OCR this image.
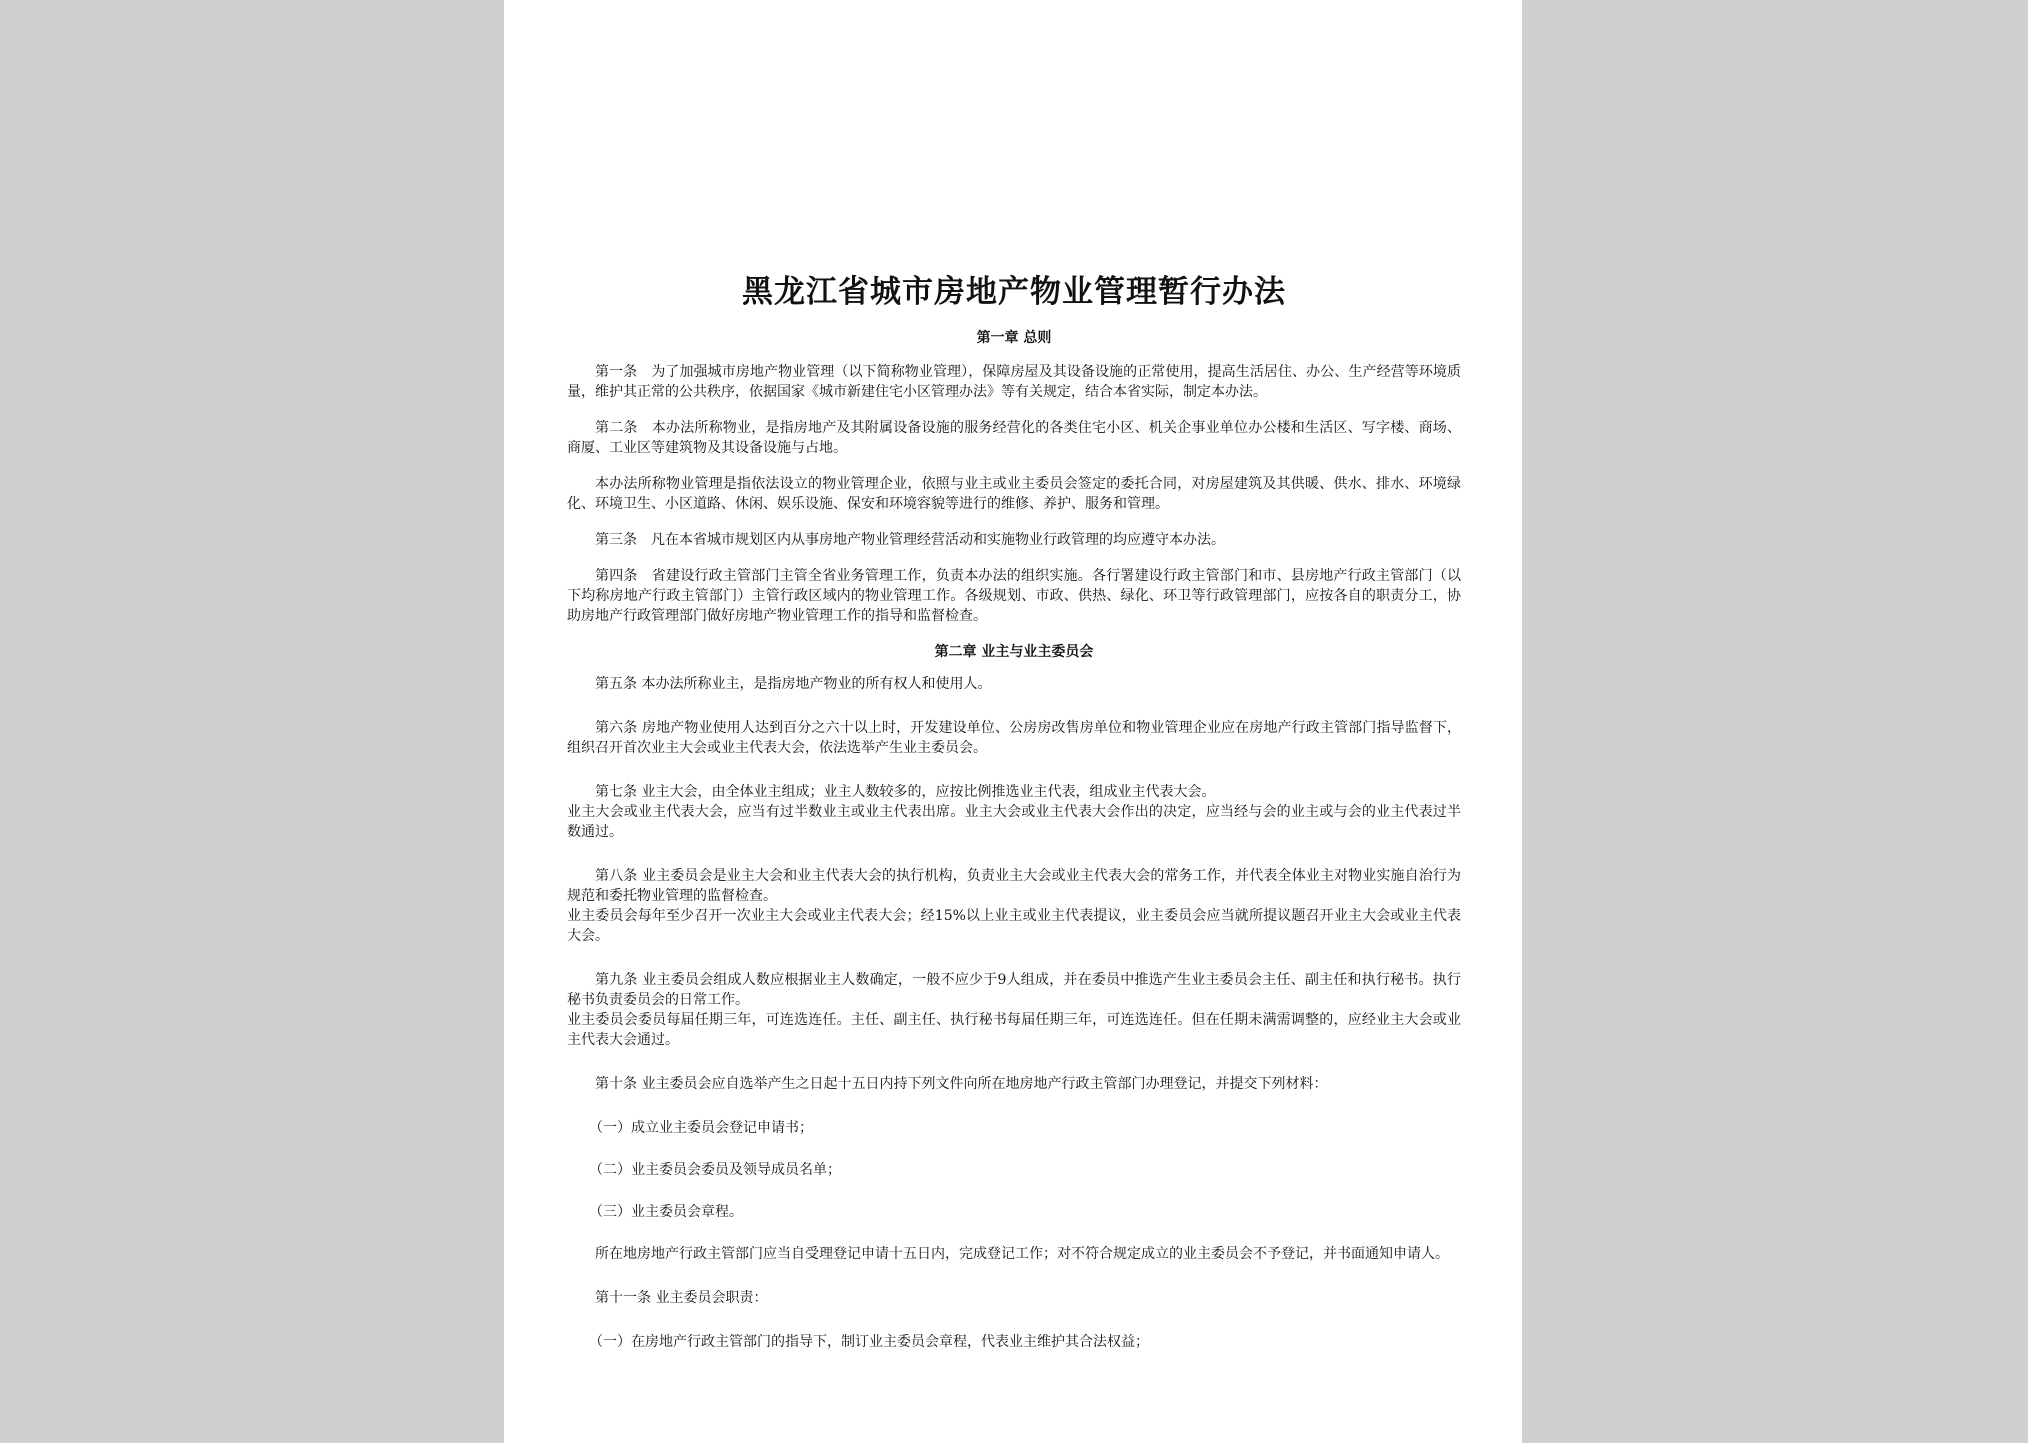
黑龙江省城市房地产物业管理暂行办法
第一章 总则

第一条　为了加强城市房地产物业管理（以下简称物业管理），保障房屋及其设备设施的正常使用，提高生活居住、办公、生产经营等环境质量，维护其正常的公共秩序，依据国家《城市新建住宅小区管理办法》等有关规定，结合本省实际，制定本办法。

第二条　本办法所称物业，是指房地产及其附属设备设施的服务经营化的各类住宅小区、机关企事业单位办公楼和生活区、写字楼、商场、商厦、工业区等建筑物及其设备设施与占地。

本办法所称物业管理是指依法设立的物业管理企业，依照与业主或业主委员会签定的委托合同，对房屋建筑及其供暖、供水、排水、环境绿化、环境卫生、小区道路、休闲、娱乐设施、保安和环境容貌等进行的维修、养护、服务和管理。

第三条　凡在本省城市规划区内从事房地产物业管理经营活动和实施物业行政管理的均应遵守本办法。

第四条　省建设行政主管部门主管全省业务管理工作，负责本办法的组织实施。各行署建设行政主管部门和市、县房地产行政主管部门（以下均称房地产行政主管部门）主管行政区域内的物业管理工作。各级规划、市政、供热、绿化、环卫等行政管理部门，应按各自的职责分工，协助房地产行政管理部门做好房地产物业管理工作的指导和监督检查。

第二章 业主与业主委员会

第五条 本办法所称业主，是指房地产物业的所有权人和使用人。

第六条 房地产物业使用人达到百分之六十以上时，开发建设单位、公房房改售房单位和物业管理企业应在房地产行政主管部门指导监督下，组织召开首次业主大会或业主代表大会，依法选举产生业主委员会。

第七条 业主大会，由全体业主组成；业主人数较多的，应按比例推选业主代表，组成业主代表大会。

业主大会或业主代表大会，应当有过半数业主或业主代表出席。业主大会或业主代表大会作出的决定，应当经与会的业主或与会的业主代表过半数通过。

第八条 业主委员会是业主大会和业主代表大会的执行机构，负责业主大会或业主代表大会的常务工作，并代表全体业主对物业实施自治行为规范和委托物业管理的监督检查。

业主委员会每年至少召开一次业主大会或业主代表大会；经15%以上业主或业主代表提议，业主委员会应当就所提议题召开业主大会或业主代表大会。

第九条 业主委员会组成人数应根据业主人数确定，一般不应少于9人组成，并在委员中推选产生业主委员会主任、副主任和执行秘书。执行秘书负责委员会的日常工作。

业主委员会委员每届任期三年，可连选连任。主任、副主任、执行秘书每届任期三年，可连选连任。但在任期未满需调整的，应经业主大会或业主代表大会通过。

第十条 业主委员会应自选举产生之日起十五日内持下列文件向所在地房地产行政主管部门办理登记，并提交下列材料：

（一）成立业主委员会登记申请书；

（二）业主委员会委员及领导成员名单；

（三）业主委员会章程。

所在地房地产行政主管部门应当自受理登记申请十五日内，完成登记工作；对不符合规定成立的业主委员会不予登记，并书面通知申请人。

第十一条 业主委员会职责：

（一）在房地产行政主管部门的指导下，制订业主委员会章程，代表业主维护其合法权益；
